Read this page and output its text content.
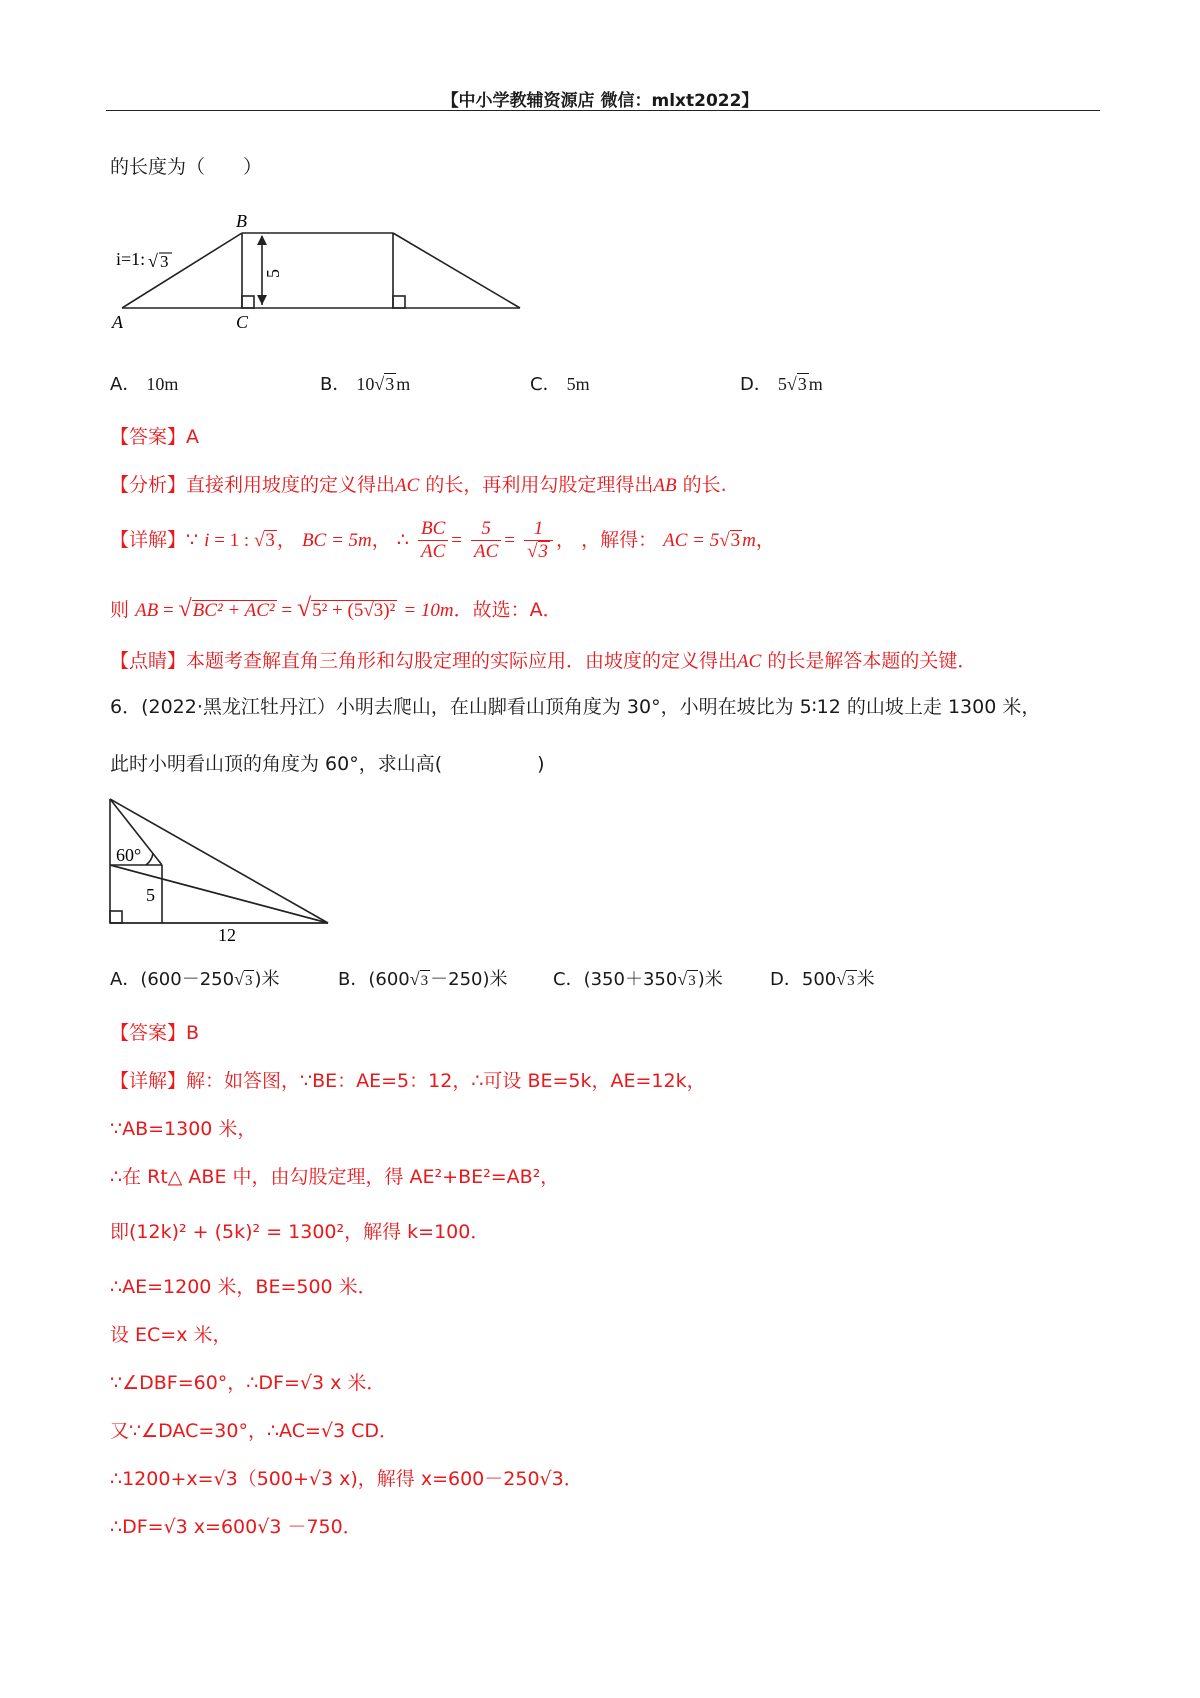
【中小学教辅资源店 微信：mlxt2022】
的长度为（　　）
i=1: √ 3
5
B
A	C
A． 10m	B． 10√3 m	C． 5m	D． 5√3 m
【答案】A
【分析】直接利用坡度的定义得出AC 的长，再利用勾股定理得出AB 的长.
【详解】∵ i = 1 : √3 ， BC = 5m， ∴ $\frac{BC}{AC} = \frac{5}{AC} = \frac{1}{√3}$ ， ，解得： AC = 5√3 m，
则 AB = √BC² + AC² = √5² + (5√3)² = 10m．故选：A．
【点睛】本题考查解直角三角形和勾股定理的实际应用．由坡度的定义得出AC 的长是解答本题的关键．
6．(2022·黑龙江牡丹江）小明去爬山，在山脚看山顶角度为 30°，小明在坡比为 5∶12 的山坡上走 1300 米，
此时小明看山顶的角度为 60°，求山高(　　　　　)
60°
5
12
A．(600－250√3 )米	B．(600√3 －250)米	C．(350＋350√3 )米	D．500√3 米
【答案】B
【详解】解：如答图，∵BE：AE=5：12，∴可设 BE=5k，AE=12k，
∵AB=1300 米，
∴在 Rt△ ABE 中，由勾股定理，得 AE²+BE²=AB²，
即(12k)² + (5k)² = 1300²，解得 k=100．
∴AE=1200 米，BE=500 米．
设 EC=x 米，
∵∠DBF=60°，∴DF=√3 x 米．
又∵∠DAC=30°，∴AC=√3 CD．
∴1200+x=√3（500+√3 x)，解得 x=600－250√3．
∴DF=√3 x=600√3 －750．
